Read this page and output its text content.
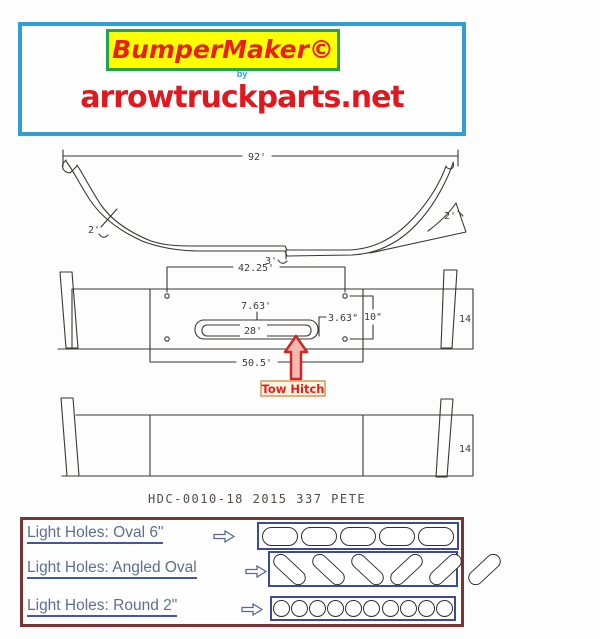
BumperMaker©
by
arrowtruckparts.net
92'
2'
3'
2'
42.25'
14
50.5'
7.63'
28'
3.63" 10"
Tow Hitch
14
HDC-0010-18 2015 337 PETE
Light Holes: Oval 6"
Light Holes: Angled Oval
Light Holes: Round 2"
